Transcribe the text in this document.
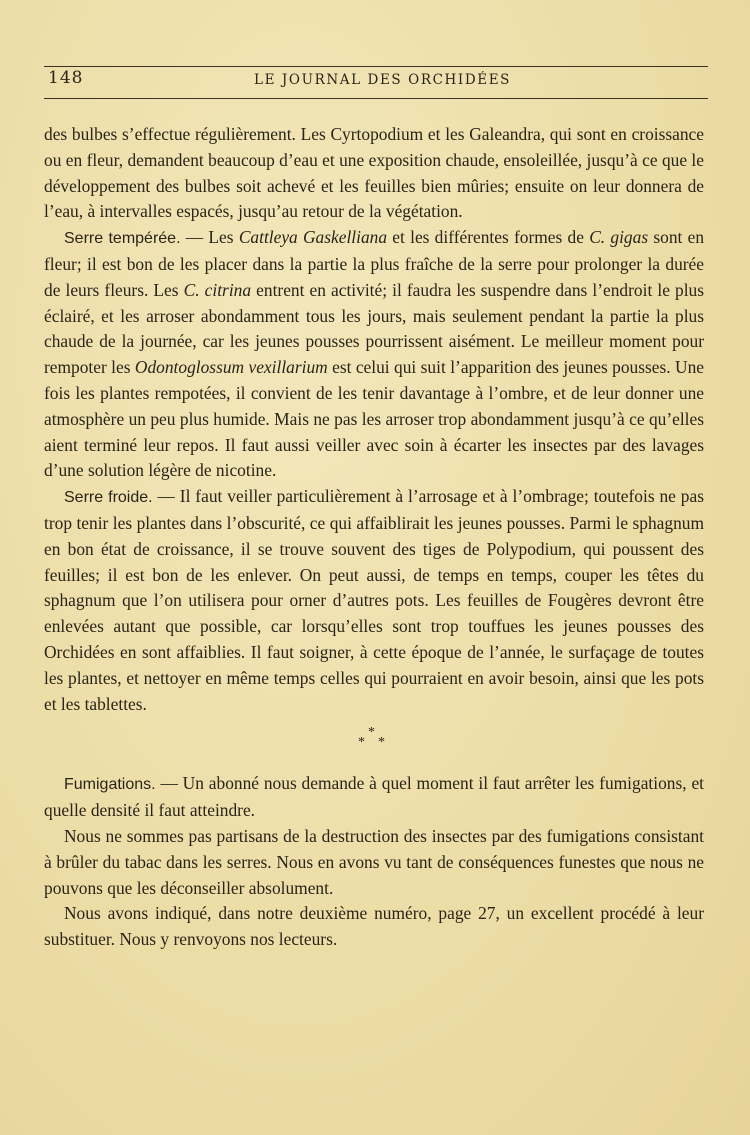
148	LE JOURNAL DES ORCHIDÉES

des bulbes s’effectue régulièrement. Les Cyrtopodium et les Galeandra, qui sont en croissance ou en fleur, demandent beaucoup d’eau et une exposition chaude, ensoleillée, jusqu’à ce que le développement des bulbes soit achevé et les feuilles bien mûries; ensuite on leur donnera de l’eau, à intervalles espacés, jusqu’au retour de la végétation.

Serre tempérée. — Les Cattleya Gaskelliana et les différentes formes de C. gigas sont en fleur; il est bon de les placer dans la partie la plus fraîche de la serre pour prolonger la durée de leurs fleurs. Les C. citrina entrent en activité; il faudra les suspendre dans l’endroit le plus éclairé, et les arroser abondamment tous les jours, mais seulement pendant la partie la plus chaude de la journée, car les jeunes pousses pourrissent aisément. Le meilleur moment pour rempoter les Odontoglossum vexillarium est celui qui suit l’apparition des jeunes pousses. Une fois les plantes rempotées, il convient de les tenir davantage à l’ombre, et de leur donner une atmosphère un peu plus humide. Mais ne pas les arroser trop abondamment jusqu’à ce qu’elles aient terminé leur repos. Il faut aussi veiller avec soin à écarter les insectes par des lavages d’une solution légère de nicotine.

Serre froide. — Il faut veiller particulièrement à l’arrosage et à l’ombrage; toutefois ne pas trop tenir les plantes dans l’obscurité, ce qui affaiblirait les jeunes pousses. Parmi le sphagnum en bon état de croissance, il se trouve souvent des tiges de Polypodium, qui poussent des feuilles; il est bon de les enlever. On peut aussi, de temps en temps, couper les têtes du sphagnum que l’on utilisera pour orner d’autres pots. Les feuilles de Fougères devront être enlevées autant que possible, car lorsqu’elles sont trop touffues les jeunes pousses des Orchidées en sont affaiblies. Il faut soigner, à cette époque de l’année, le surfaçage de toutes les plantes, et nettoyer en même temps celles qui pourraient en avoir besoin, ainsi que les pots et les tablettes.

*
* *

Fumigations. — Un abonné nous demande à quel moment il faut arrêter les fumigations, et quelle densité il faut atteindre.

Nous ne sommes pas partisans de la destruction des insectes par des fumigations consistant à brûler du tabac dans les serres. Nous en avons vu tant de conséquences funestes que nous ne pouvons que les déconseiller absolument.

Nous avons indiqué, dans notre deuxième numéro, page 27, un excellent procédé à leur substituer. Nous y renvoyons nos lecteurs.
